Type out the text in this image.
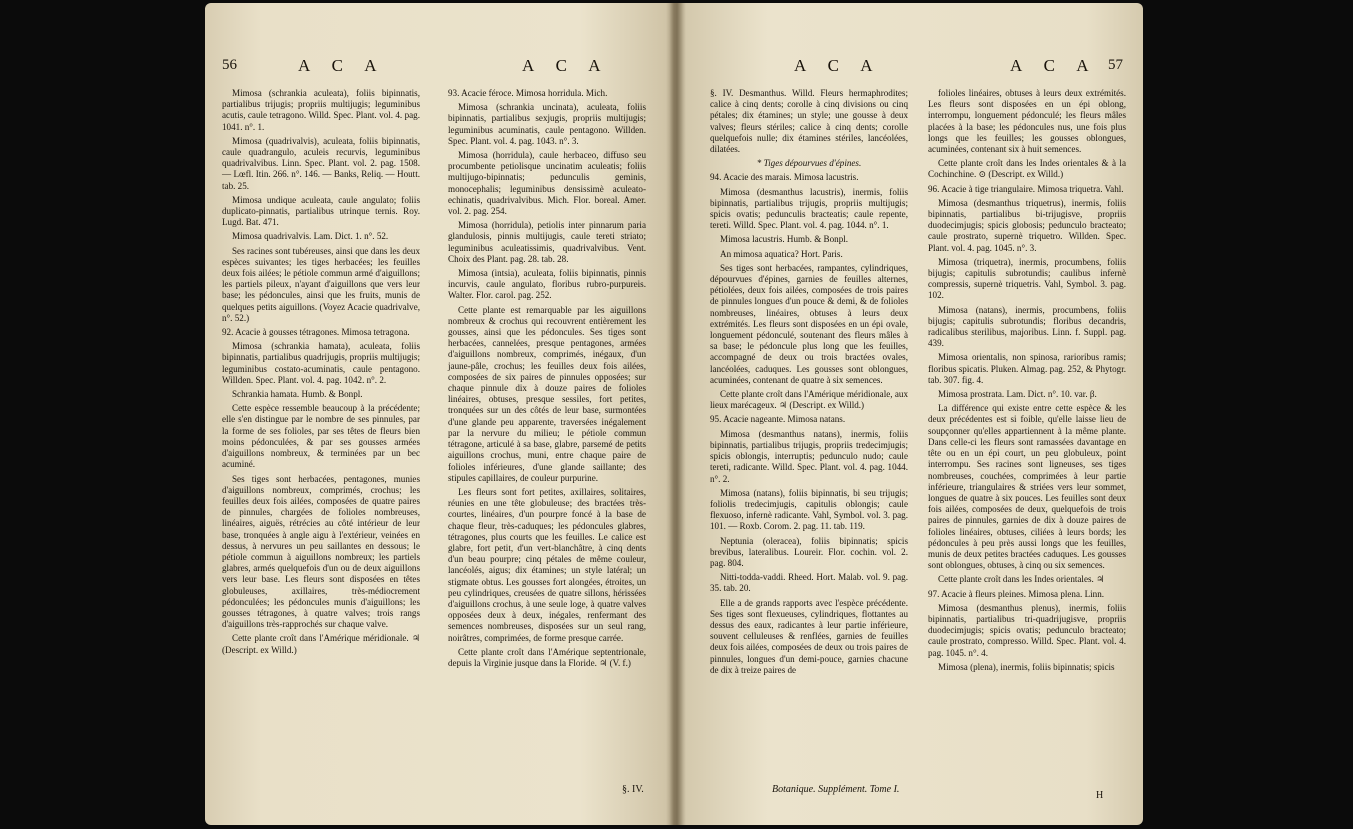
56	A C A	A C A

Mimosa (schrankia aculeata), foliis bipinnatis, partialibus trijugis; propriis multijugis; leguminibus acutis, caule tetragono. Willd. Spec. Plant. vol. 4. pag. 1041. n°. 1.

Mimosa (quadrivalvis), aculeata, foliis bipinnatis, caule quadrangulo, aculeis recurvis, leguminibus quadrivalvibus. Linn. Spec. Plant. vol. 2. pag. 1508. — Lœfl. Itin. 266. n°. 146. — Banks, Reliq. — Houtt. tab. 25.

Mimosa undique aculeata, caule angulato; foliis duplicato-pinnatis, partialibus utrinque ternis. Roy. Lugd. Bat. 471.

Mimosa quadrivalvis. Lam. Dict. 1. n°. 52.

Ses racines sont tubéreuses, ainsi que dans les deux espèces suivantes; les tiges herbacées; les feuilles deux fois ailées; le pétiole commun armé d'aiguillons; les partiels pileux, n'ayant d'aiguillons que vers leur base; les pédoncules, ainsi que les fruits, munis de quelques petits aiguillons. (Voyez Acacie quadrivalve, n°. 52.)

92. Acacie à gousses tétragones. Mimosa tetragona.

Mimosa (schrankia hamata), aculeata, foliis bipinnatis, partialibus quadrijugis, propriis multijugis; leguminibus costato-acuminatis, caule pentagono. Willden. Spec. Plant. vol. 4. pag. 1042. n°. 2.

Schrankia hamata. Humb. & Bonpl.

Cette espèce ressemble beaucoup à la précédente; elle s'en distingue par le nombre de ses pinnules, par la forme de ses folioles, par ses têtes de fleurs bien moins pédonculées, & par ses gousses armées d'aiguillons nombreux, & terminées par un bec acuminé.

Ses tiges sont herbacées, pentagones, munies d'aiguillons nombreux, comprimés, crochus; les feuilles deux fois ailées, composées de quatre paires de pinnules, chargées de folioles nombreuses, linéaires, aiguës, rétrécies au côté intérieur de leur base, tronquées à angle aigu à l'extérieur, veinées en dessus, à nervures un peu saillantes en dessous; le pétiole commun à aiguillons nombreux; les partiels glabres, armés quelquefois d'un ou de deux aiguillons vers leur base. Les fleurs sont disposées en têtes globuleuses, axillaires, très-médiocrement pédonculées; les pédoncules munis d'aiguillons; les gousses tétragones, à quatre valves; trois rangs d'aiguillons très-rapprochés sur chaque valve.

Cette plante croît dans l'Amérique méridionale. ♃ (Descript. ex Willd.)

93. Acacie féroce. Mimosa horridula. Mich.

Mimosa (schrankia uncinata), aculeata, foliis bipinnatis, partialibus sexjugis, propriis multijugis; leguminibus acuminatis, caule pentagono. Willden. Spec. Plant. vol. 4. pag. 1043. n°. 3.

Mimosa (horridula), caule herbaceo, diffuso seu procumbente petiolisque uncinatim aculeatis; foliis multijugo-bipinnatis; pedunculis geminis, monocephalis; leguminibus densissimè aculeato-echinatis, quadrivalvibus. Mich. Flor. boreal. Amer. vol. 2. pag. 254.

Mimosa (horridula), petiolis inter pinnarum paria glandulosis, pinnis multijugis, caule tereti striato; leguminibus aculeatissimis, quadrivalvibus. Vent. Choix des Plant. pag. 28. tab. 28.

Mimosa (intsia), aculeata, foliis bipinnatis, pinnis incurvis, caule angulato, floribus rubro-purpureis. Walter. Flor. carol. pag. 252.

Cette plante est remarquable par les aiguillons nombreux & crochus qui recouvrent entièrement les gousses, ainsi que les pédoncules. Ses tiges sont herbacées, cannelées, presque pentagones, armées d'aiguillons nombreux, comprimés, inégaux, d'un jaune-pâle, crochus; les feuilles deux fois ailées, composées de six paires de pinnules opposées; sur chaque pinnule dix à douze paires de folioles linéaires, obtuses, presque sessiles, fort petites, tronquées sur un des côtés de leur base, surmontées d'une glande peu apparente, traversées inégalement par la nervure du milieu; le pétiole commun tétragone, articulé à sa base, glabre, parsemé de petits aiguillons crochus, muni, entre chaque paire de folioles inférieures, d'une glande saillante; des stipules capillaires, de couleur purpurine.

Les fleurs sont fort petites, axillaires, solitaires, réunies en une tête globuleuse; des bractées très-courtes, linéaires, d'un pourpre foncé à la base de chaque fleur, très-caduques; les pédoncules glabres, tétragones, plus courts que les feuilles. Le calice est glabre, fort petit, d'un vert-blanchâtre, à cinq dents d'un beau pourpre; cinq pétales de même couleur, lancéolés, aigus; dix étamines; un style latéral; un stigmate obtus. Les gousses fort alongées, étroites, un peu cylindriques, creusées de quatre sillons, hérissées d'aiguillons crochus, à une seule loge, à quatre valves opposées deux à deux, inégales, renfermant des semences nombreuses, disposées sur un seul rang, noirâtres, comprimées, de forme presque carrée.

Cette plante croît dans l'Amérique septentrionale, depuis la Virginie jusque dans la Floride. ♃ (V. f.)

§. IV.
A C A	A C A 57

§. IV. Desmanthus. Willd. Fleurs hermaphrodites; calice à cinq dents; corolle à cinq divisions ou cinq pétales; dix étamines; un style; une gousse à deux valves; fleurs stériles; calice à cinq dents; corolle quelquefois nulle; dix étamines stériles, lancéolées, dilatées.

* Tiges dépourvues d'épines.

94. Acacie des marais. Mimosa lacustris.

Mimosa (desmanthus lacustris), inermis, foliis bipinnatis, partialibus trijugis, propriis multijugis; spicis ovatis; pedunculis bracteatis; caule repente, tereti. Willd. Spec. Plant. vol. 4. pag. 1044. n°. 1.

Mimosa lacustris. Humb. & Bonpl.

An mimosa aquatica? Hort. Paris.

Ses tiges sont herbacées, rampantes, cylindriques, dépourvues d'épines, garnies de feuilles alternes, pétiolées, deux fois ailées, composées de trois paires de pinnules longues d'un pouce & demi, & de folioles nombreuses, linéaires, obtuses à leurs deux extrémités. Les fleurs sont disposées en un épi ovale, longuement pédonculé, soutenant des fleurs mâles à sa base; le pédoncule plus long que les feuilles, accompagné de deux ou trois bractées ovales, lancéolées, caduques. Les gousses sont oblongues, acuminées, contenant de quatre à six semences.

Cette plante croît dans l'Amérique méridionale, aux lieux marécageux. ♃ (Descript. ex Willd.)

95. Acacie nageante. Mimosa natans.

Mimosa (desmanthus natans), inermis, foliis bipinnatis, partialibus trijugis, propriis tredecimjugis; spicis oblongis, interruptis; pedunculo nudo; caule tereti, radicante. Willd. Spec. Plant. vol. 4. pag. 1044. n°. 2.

Mimosa (natans), foliis bipinnatis, bi seu trijugis; foliolis tredecimjugis, capitulis oblongis; caule flexuoso, infernè radicante. Vahl, Symbol. vol. 3. pag. 101. — Roxb. Corom. 2. pag. 11. tab. 119.

Neptunia (oleracea), foliis bipinnatis; spicis brevibus, lateralibus. Loureir. Flor. cochin. vol. 2. pag. 804.

Nitti-todda-vaddi. Rheed. Hort. Malab. vol. 9. pag. 35. tab. 20.

Elle a de grands rapports avec l'espèce précédente. Ses tiges sont flexueuses, cylindriques, flottantes au dessus des eaux, radicantes à leur partie inférieure, souvent celluleuses & renflées, garnies de feuilles deux fois ailées, composées de deux ou trois paires de pinnules, longues d'un demi-pouce, garnies chacune de dix à treize paires de

folioles linéaires, obtuses à leurs deux extrémités. Les fleurs sont disposées en un épi oblong, interrompu, longuement pédonculé; les fleurs mâles placées à la base; les pédoncules nus, une fois plus longs que les feuilles; les gousses oblongues, acuminées, contenant six à huit semences.

Cette plante croît dans les Indes orientales & à la Cochinchine. ⊙ (Descript. ex Willd.)

96. Acacie à tige triangulaire. Mimosa triquetra. Vahl.

Mimosa (desmanthus triquetrus), inermis, foliis bipinnatis, partialibus bi-trijugisve, propriis duodecimjugis; spicis globosis; pedunculo bracteato; caule prostrato, supernè triquetro. Willden. Spec. Plant. vol. 4. pag. 1045. n°. 3.

Mimosa (triquetra), inermis, procumbens, foliis bijugis; capitulis subrotundis; caulibus infernè compressis, supernè triquetris. Vahl, Symbol. 3. pag. 102.

Mimosa (natans), inermis, procumbens, foliis bijugis; capitulis subrotundis; floribus decandris, radicalibus sterilibus, majoribus. Linn. f. Suppl. pag. 439.

Mimosa orientalis, non spinosa, rarioribus ramis; floribus spicatis. Pluken. Almag. pag. 252, & Phytogr. tab. 307. fig. 4.

Mimosa prostrata. Lam. Dict. n°. 10. var. β.

La différence qui existe entre cette espèce & les deux précédentes est si foible, qu'elle laisse lieu de soupçonner qu'elles appartiennent à la même plante. Dans celle-ci les fleurs sont ramassées davantage en tête ou en un épi court, un peu globuleux, point interrompu. Ses racines sont ligneuses, ses tiges nombreuses, couchées, comprimées à leur partie inférieure, triangulaires & striées vers leur sommet, longues de quatre à six pouces. Les feuilles sont deux fois ailées, composées de deux, quelquefois de trois paires de pinnules, garnies de dix à douze paires de folioles linéaires, obtuses, ciliées à leurs bords; les pédoncules à peu près aussi longs que les feuilles, munis de deux petites bractées caduques. Les gousses sont oblongues, obtuses, à cinq ou six semences.

Cette plante croît dans les Indes orientales. ♃

97. Acacie à fleurs pleines. Mimosa plena. Linn.

Mimosa (desmanthus plenus), inermis, foliis bipinnatis, partialibus tri-quadrijugisve, propriis duodecimjugis; spicis ovatis; pedunculo bracteato; caule prostrato, compresso. Willd. Spec. Plant. vol. 4. pag. 1045. n°. 4.

Mimosa (plena), inermis, foliis bipinnatis; spicis

Botanique. Supplément. Tome I.
H
